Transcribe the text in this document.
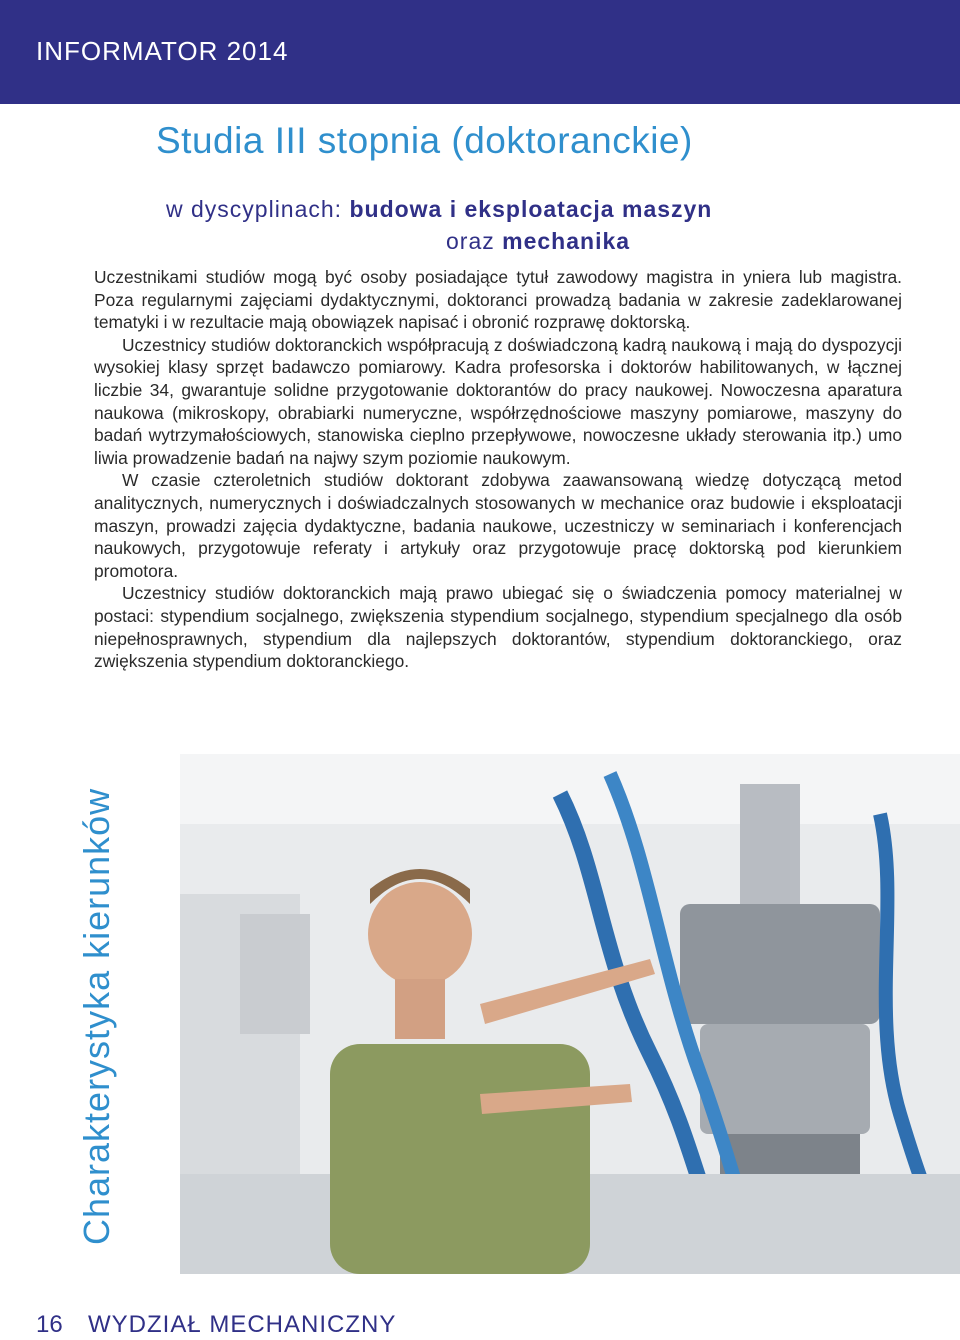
INFORMATOR 2014
Charakterystyka kierunków
Studia III stopnia (doktoranckie)
w dyscyplinach: budowa i eksploatacja maszyn
oraz mechanika

Uczestnikami studiów mogą być osoby posiadające tytuł zawodowy magistra in yniera lub magistra. Poza regularnymi zajęciami dydaktycznymi, doktoranci prowadzą badania w zakresie zadeklarowanej tematyki i w rezultacie mają obowiązek napisać i obronić rozprawę doktorską.

Uczestnicy studiów doktoranckich współpracują z doświadczoną kadrą naukową i mają do dyspozycji wysokiej klasy sprzęt badawczo pomiarowy. Kadra profesorska i doktorów habilitowanych, w łącznej liczbie 34, gwarantuje solidne przygotowanie doktorantów do pracy naukowej. Nowoczesna aparatura naukowa (mikroskopy, obrabiarki numeryczne, współrzędnościowe maszyny pomiarowe, maszyny do badań wytrzymałościowych, stanowiska cieplno przepływowe, nowoczesne układy sterowania itp.) umo liwia prowadzenie badań na najwy szym poziomie naukowym.

W czasie czteroletnich studiów doktorant zdobywa zaawansowaną wiedzę dotyczącą metod analitycznych, numerycznych i doświadczalnych stosowanych w mechanice oraz budowie i eksploatacji maszyn, prowadzi zajęcia dydaktyczne, badania naukowe, uczestniczy w seminariach i konferencjach naukowych, przygotowuje referaty i artykuły oraz przygotowuje pracę doktorską pod kierunkiem promotora.

Uczestnicy studiów doktoranckich mają prawo ubiegać się o świadczenia pomocy materialnej w postaci: stypendium socjalnego, zwiększenia stypendium socjalnego, stypendium specjalnego dla osób niepełnosprawnych, stypendium dla najlepszych doktorantów, stypendium doktoranckiego, oraz zwiększenia stypendium doktoranckiego.

16 WYDZIAŁ MECHANICZNY
